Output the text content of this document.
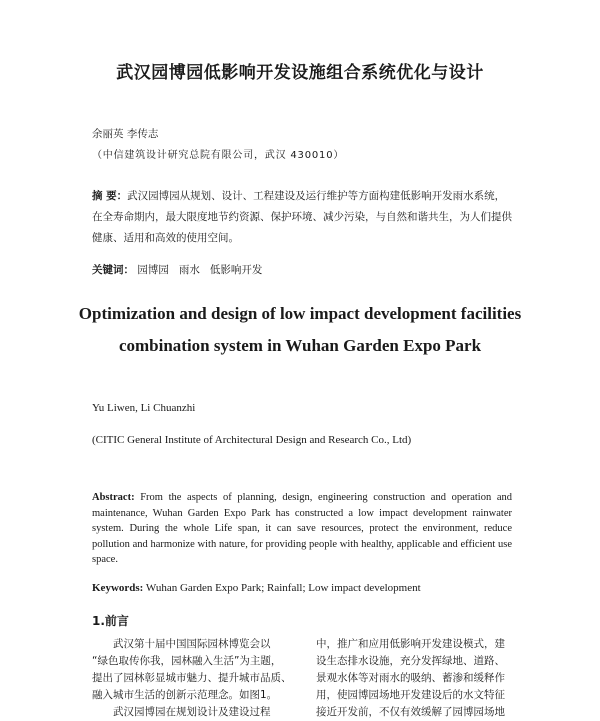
武汉园博园低影响开发设施组合系统优化与设计
余丽英 李传志
（中信建筑设计研究总院有限公司，武汉 430010）
摘 要：武汉园博园从规划、设计、工程建设及运行维护等方面构建低影响开发雨水系统，
在全寿命期内，最大限度地节约资源、保护环境、减少污染，与自然和谐共生，为人们提供
健康、适用和高效的使用空间。
关键词： 园博园 雨水 低影响开发
Optimization and design of low impact development facilities
combination system in Wuhan Garden Expo Park
Yu Liwen, Li Chuanzhi
(CITIC General Institute of Architectural Design and Research Co., Ltd)

Abstract: From the aspects of planning, design, engineering construction and operation and maintenance, Wuhan Garden Expo Park has constructed a low impact development rainwater system. During the whole Life span, it can save resources, protect the environment, reduce pollution and harmonize with nature, for providing people with healthy, applicable and efficient use space.

Keywords: Wuhan Garden Expo Park; Rainfall; Low impact development
1.前言

武汉第十届中国国际园林博览会以

“绿色取传你我，园林融入生活”为主题，

提出了园林彰显城市魅力、提升城市品质、

融入城市生活的创新示范理念。如图1。

武汉园博园在规划设计及建设过程

中，推广和应用低影响开发建设模式，建

设生态排水设施，充分发挥绿地、道路、

景观水体等对雨水的吸纳、蓄渗和缓释作

用，使园博园场地开发建设后的水文特征

接近开发前，不仅有效缓解了园博园场地
